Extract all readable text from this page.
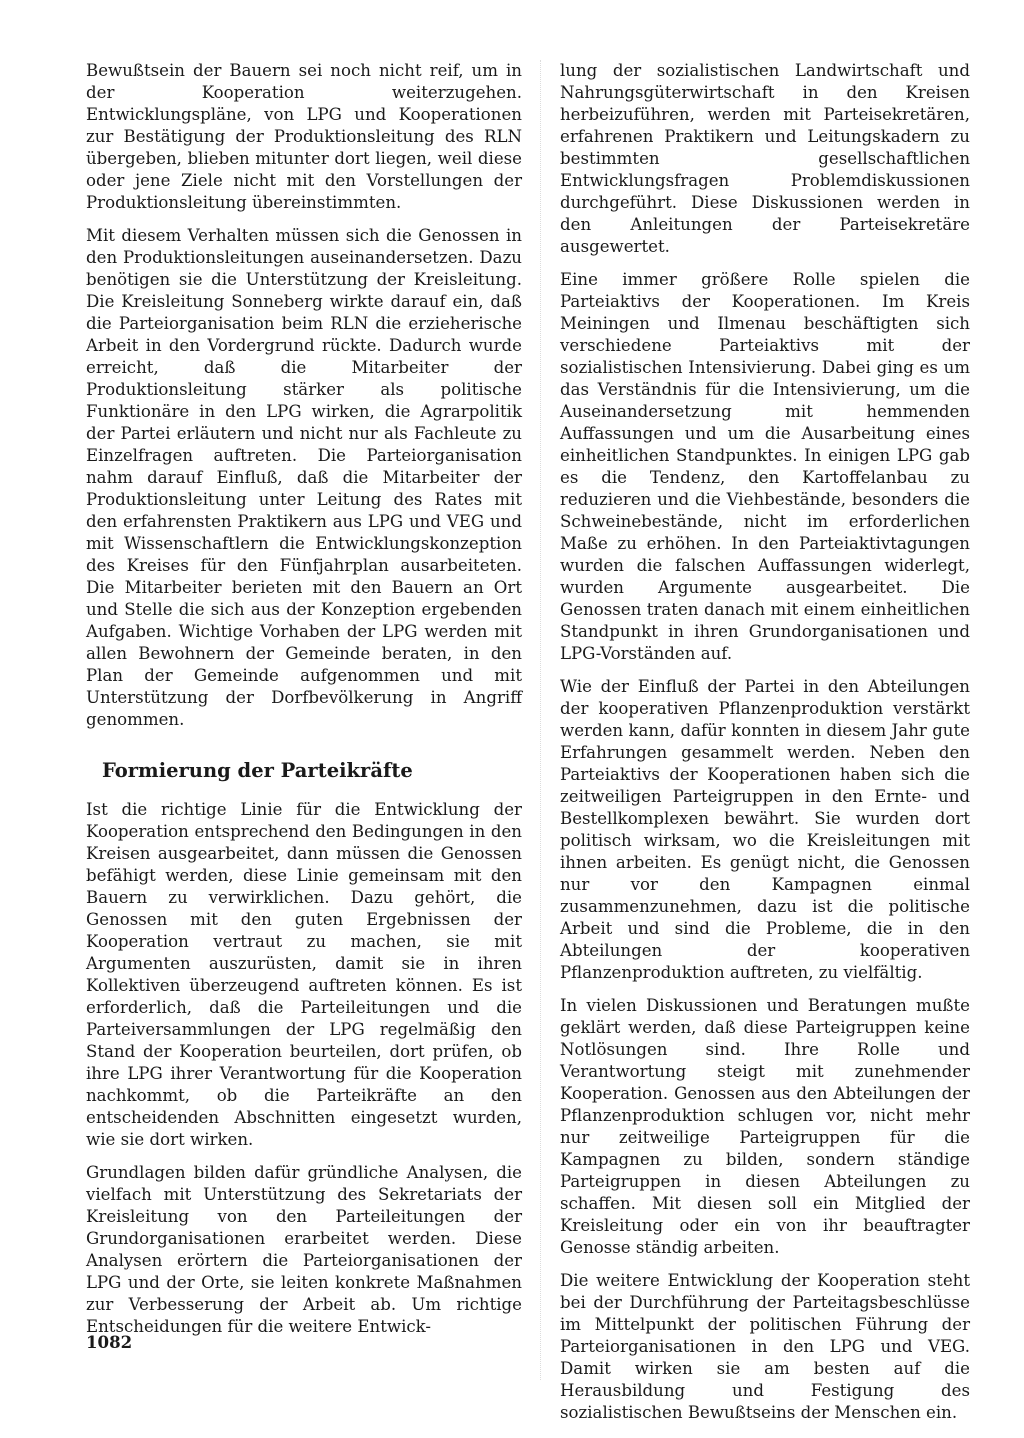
Bewußtsein der Bauern sei noch nicht reif, um in der Kooperation weiterzugehen. Entwicklungspläne, von LPG und Kooperationen zur Bestätigung der Produktionsleitung des RLN übergeben, blieben mitunter dort liegen, weil diese oder jene Ziele nicht mit den Vorstellungen der Produktionsleitung übereinstimmten.

Mit diesem Verhalten müssen sich die Genossen in den Produktionsleitungen auseinandersetzen. Dazu benötigen sie die Unterstützung der Kreisleitung. Die Kreisleitung Sonneberg wirkte darauf ein, daß die Parteiorganisation beim RLN die erzieherische Arbeit in den Vordergrund rückte. Dadurch wurde erreicht, daß die Mitarbeiter der Produktionsleitung stärker als politische Funktionäre in den LPG wirken, die Agrarpolitik der Partei erläutern und nicht nur als Fachleute zu Einzelfragen auftreten. Die Parteiorganisation nahm darauf Einfluß, daß die Mitarbeiter der Produktionsleitung unter Leitung des Rates mit den erfahrensten Praktikern aus LPG und VEG und mit Wissenschaftlern die Entwicklungskonzeption des Kreises für den Fünfjahrplan ausarbeiteten. Die Mitarbeiter berieten mit den Bauern an Ort und Stelle die sich aus der Konzeption ergebenden Aufgaben. Wichtige Vorhaben der LPG werden mit allen Bewohnern der Gemeinde beraten, in den Plan der Gemeinde aufgenommen und mit Unterstützung der Dorfbevölkerung in Angriff genommen.

Formierung der Parteikräfte

Ist die richtige Linie für die Entwicklung der Kooperation entsprechend den Bedingungen in den Kreisen ausgearbeitet, dann müssen die Genossen befähigt werden, diese Linie gemeinsam mit den Bauern zu verwirklichen. Dazu gehört, die Genossen mit den guten Ergebnissen der Kooperation vertraut zu machen, sie mit Argumenten auszurüsten, damit sie in ihren Kollektiven überzeugend auftreten können. Es ist erforderlich, daß die Parteileitungen und die Parteiversammlungen der LPG regelmäßig den Stand der Kooperation beurteilen, dort prüfen, ob ihre LPG ihrer Verantwortung für die Kooperation nachkommt, ob die Parteikräfte an den entscheidenden Abschnitten eingesetzt wurden, wie sie dort wirken.

Grundlagen bilden dafür gründliche Analysen, die vielfach mit Unterstützung des Sekretariats der Kreisleitung von den Parteileitungen der Grundorganisationen erarbeitet werden. Diese Analysen erörtern die Parteiorganisationen der LPG und der Orte, sie leiten konkrete Maßnahmen zur Verbesserung der Arbeit ab. Um richtige Entscheidungen für die weitere Entwick-

lung der sozialistischen Landwirtschaft und Nahrungsgüterwirtschaft in den Kreisen herbeizuführen, werden mit Parteisekretären, erfahrenen Praktikern und Leitungskadern zu bestimmten gesellschaftlichen Entwicklungsfragen Problemdiskussionen durchgeführt. Diese Diskussionen werden in den Anleitungen der Parteisekretäre ausgewertet.

Eine immer größere Rolle spielen die Parteiaktivs der Kooperationen. Im Kreis Meiningen und Ilmenau beschäftigten sich verschiedene Parteiaktivs mit der sozialistischen Intensivierung. Dabei ging es um das Verständnis für die Intensivierung, um die Auseinandersetzung mit hemmenden Auffassungen und um die Ausarbeitung eines einheitlichen Standpunktes. In einigen LPG gab es die Tendenz, den Kartoffelanbau zu reduzieren und die Viehbestände, besonders die Schweinebestände, nicht im erforderlichen Maße zu erhöhen. In den Parteiaktivtagungen wurden die falschen Auffassungen widerlegt, wurden Argumente ausgearbeitet. Die Genossen traten danach mit einem einheitlichen Standpunkt in ihren Grundorganisationen und LPG-Vorständen auf.

Wie der Einfluß der Partei in den Abteilungen der kooperativen Pflanzenproduktion verstärkt werden kann, dafür konnten in diesem Jahr gute Erfahrungen gesammelt werden. Neben den Parteiaktivs der Kooperationen haben sich die zeitweiligen Parteigruppen in den Ernte- und Bestellkomplexen bewährt. Sie wurden dort politisch wirksam, wo die Kreisleitungen mit ihnen arbeiten. Es genügt nicht, die Genossen nur vor den Kampagnen einmal zusammenzunehmen, dazu ist die politische Arbeit und sind die Probleme, die in den Abteilungen der kooperativen Pflanzenproduktion auftreten, zu vielfältig.

In vielen Diskussionen und Beratungen mußte geklärt werden, daß diese Parteigruppen keine Notlösungen sind. Ihre Rolle und Verantwortung steigt mit zunehmender Kooperation. Genossen aus den Abteilungen der Pflanzenproduktion schlugen vor, nicht mehr nur zeitweilige Parteigruppen für die Kampagnen zu bilden, sondern ständige Parteigruppen in diesen Abteilungen zu schaffen. Mit diesen soll ein Mitglied der Kreisleitung oder ein von ihr beauftragter Genosse ständig arbeiten.

Die weitere Entwicklung der Kooperation steht bei der Durchführung der Parteitagsbeschlüsse im Mittelpunkt der politischen Führung der Parteiorganisationen in den LPG und VEG. Damit wirken sie am besten auf die Herausbildung und Festigung des sozialistischen Bewußtseins der Menschen ein.

1082
